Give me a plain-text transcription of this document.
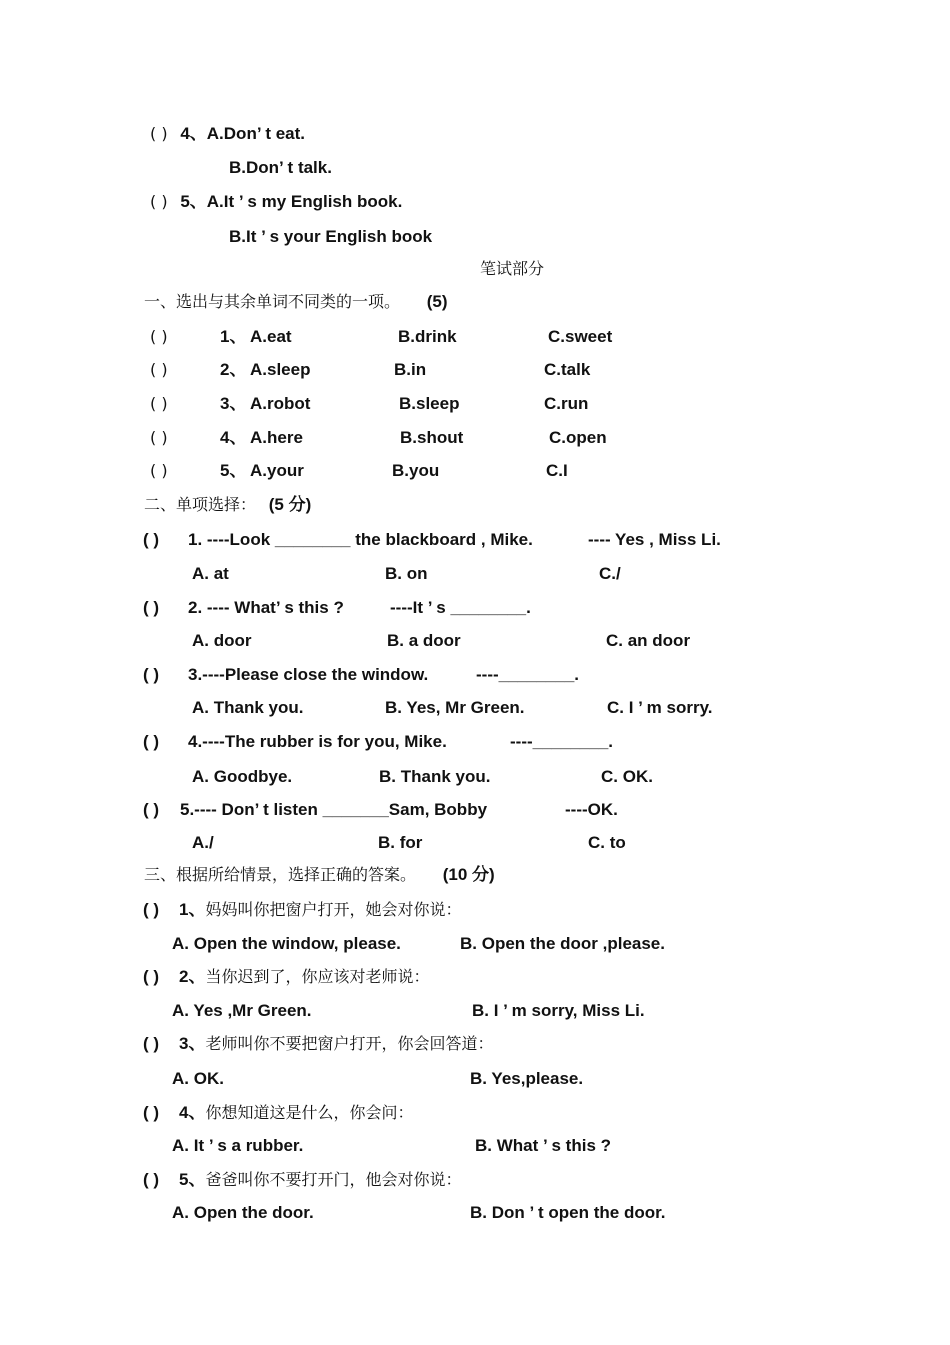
( ) 4、A.Don’ t eat.
B.Don’ t talk.
( ) 5、A.It ’ s my English book.
B.It ’ s your English book
笔试部分
一、选出与其余单词不同类的一项。 (5)
( )	1、 A.eat	B.drink	C.sweet
( )	2、 A.sleep	B.in	C.talk
( )	3、 A.robot	B.sleep	C.run
( )	4、 A.here	B.shout	C.open
( )	5、 A.your	B.you	C.I
二、单项选择： (5 分)
( ) 1. ----Look ________ the blackboard , Mike.	---- Yes , Miss Li.
A. at	B. on	C./
( ) 2. ---- What’ s this ?	----It ’ s ________.
A. door	B. a door	C. an door
( ) 3.----Please close the window.	----________.
A. Thank you.	B. Yes, Mr Green.	C. I ’ m sorry.
( ) 4.----The rubber is for you, Mike.	----________.
A. Goodbye.	B. Thank you.	C. OK.
( ) 5.---- Don’ t listen _______Sam, Bobby	----OK.
A./	B. for	C. to
三、根据所给情景，选择正确的答案。 (10 分)
( ) 1、妈妈叫你把窗户打开，她会对你说：
A. Open the window, please.	B. Open the door ,please.
( ) 2、当你迟到了，你应该对老师说：
A. Yes ,Mr Green.	B. I ’ m sorry, Miss Li.
( ) 3、老师叫你不要把窗户打开，你会回答道：
A. OK.	B. Yes,please.
( ) 4、你想知道这是什么，你会问：
A. It ’ s a rubber.	B. What ’ s this ?
( ) 5、爸爸叫你不要打开门，他会对你说：
A. Open the door.	B. Don ’ t open the door.
